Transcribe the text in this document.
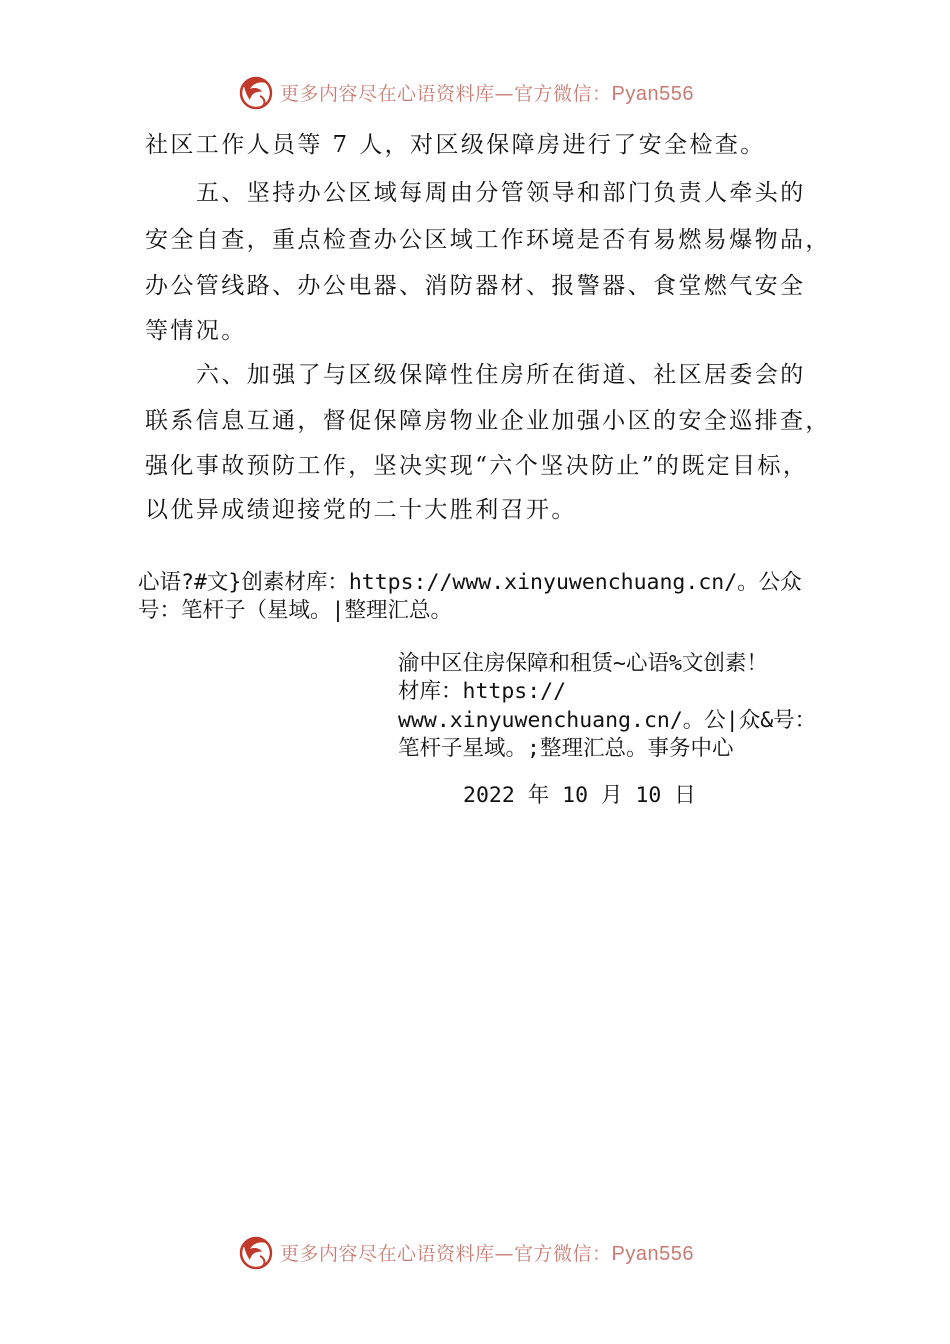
更多内容尽在心语资料库—官方微信：Pyan556
社区工作人员等 7 人，对区级保障房进行了安全检查。
五、坚持办公区域每周由分管领导和部门负责人牵头的
安全自查，重点检查办公区域工作环境是否有易燃易爆物品，
办公管线路、办公电器、消防器材、报警器、食堂燃气安全
等情况。
六、加强了与区级保障性住房所在街道、社区居委会的
联系信息互通，督促保障房物业企业加强小区的安全巡排查，
强化事故预防工作，坚决实现“六个坚决防止”的既定目标，
以优异成绩迎接党的二十大胜利召开。
心语?#文}创素材库：https://www.xinyuwenchuang.cn/。公众
号：笔杆子（星域。|整理汇总。
渝中区住房保障和租赁~心语%文创素！
材库：https://
www.xinyuwenchuang.cn/。公|众&号：
笔杆子星域。;整理汇总。事务中心
2022 年 10 月 10 日
更多内容尽在心语资料库—官方微信：Pyan556
